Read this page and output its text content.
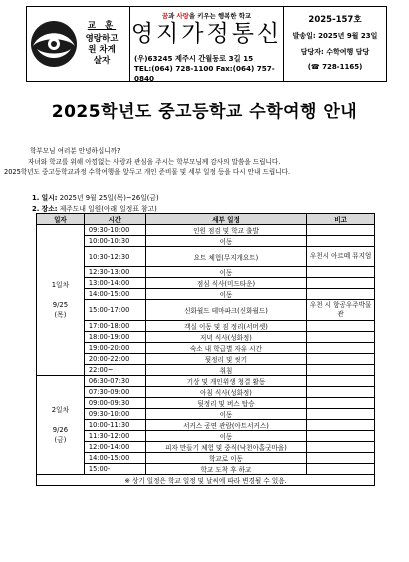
교 훈
영랑하고
원 차게
살자
꿈과 사랑을 키우는 행복한 학교
영지가정통신
(우)63245 제주시 간월동로 3길 15
TEL:(064) 728-1100 Fax:(064) 757-0840
2025-157호
발송일: 2025년 9월 23일
담당자: 수학여행 담당
(☎ 728-1165)
2025학년도 중고등학교 수학여행 안내
학부모님 여러분 안녕하십니까?
자녀와 학교를 위해 아낌없는 사랑과 관심을 주시는 학부모님께 감사의 말씀을 드립니다.
2025학년도 중고등학교과정 수학여행을 앞두고 개인 준비물 및 세부 일정 등을 다시 안내 드립니다.
1. 일시: 2025년 9월 25일(목)~26일(금)
2. 장소: 제주도내 일원(아래 일정표 참고)
일자	시간	세부 일정	비고

1일차
9/25
(목)	09:30-10:00	인원 점검 및 학교 출발	
	10:00-10:30	이동	
	10:30-12:30	요트 체험(무지개요트)	우천시 아르떼 뮤지엄
	12:30-13:00	이동	
	13:00-14:00	점심 식사(미드타운)	
	14:00-15:00	이동	
	15:00-17:00	신화월드 테마파크(신화월드)	우천 시 항공우주박물관
	17:00-18:00	객실 이동 및 짐 정리(서머셋)	
	18:00-19:00	저녁 식사(성화정)	
	19:00-20:00	숙소 내 학급별 자유 시간	
	20:00-22:00	뒷정리 및 씻기	
	22:00~	취침	

2일차
9/26
(금)	06:30-07:30	기상 및 개인위생 청결 활동	
	07:30-09:00	아침 식사(성화정)	
	09:00-09:30	뒷정리 및 버스 탑승	
	09:30-10:00	이동	
	10:00-11:30	서커스 공연 관람(아트서커스)	
	11:30-12:00	이동	
	12:00-14:00	피자 만들기 체험 및 중식(낙천아홉굿마을)	
	14:00-15:00	학교로 이동	
	15:00-	학교 도착 후 하교	
※ 상기 일정은 학교 일정 및 날씨에 따라 변경될 수 있음.			
